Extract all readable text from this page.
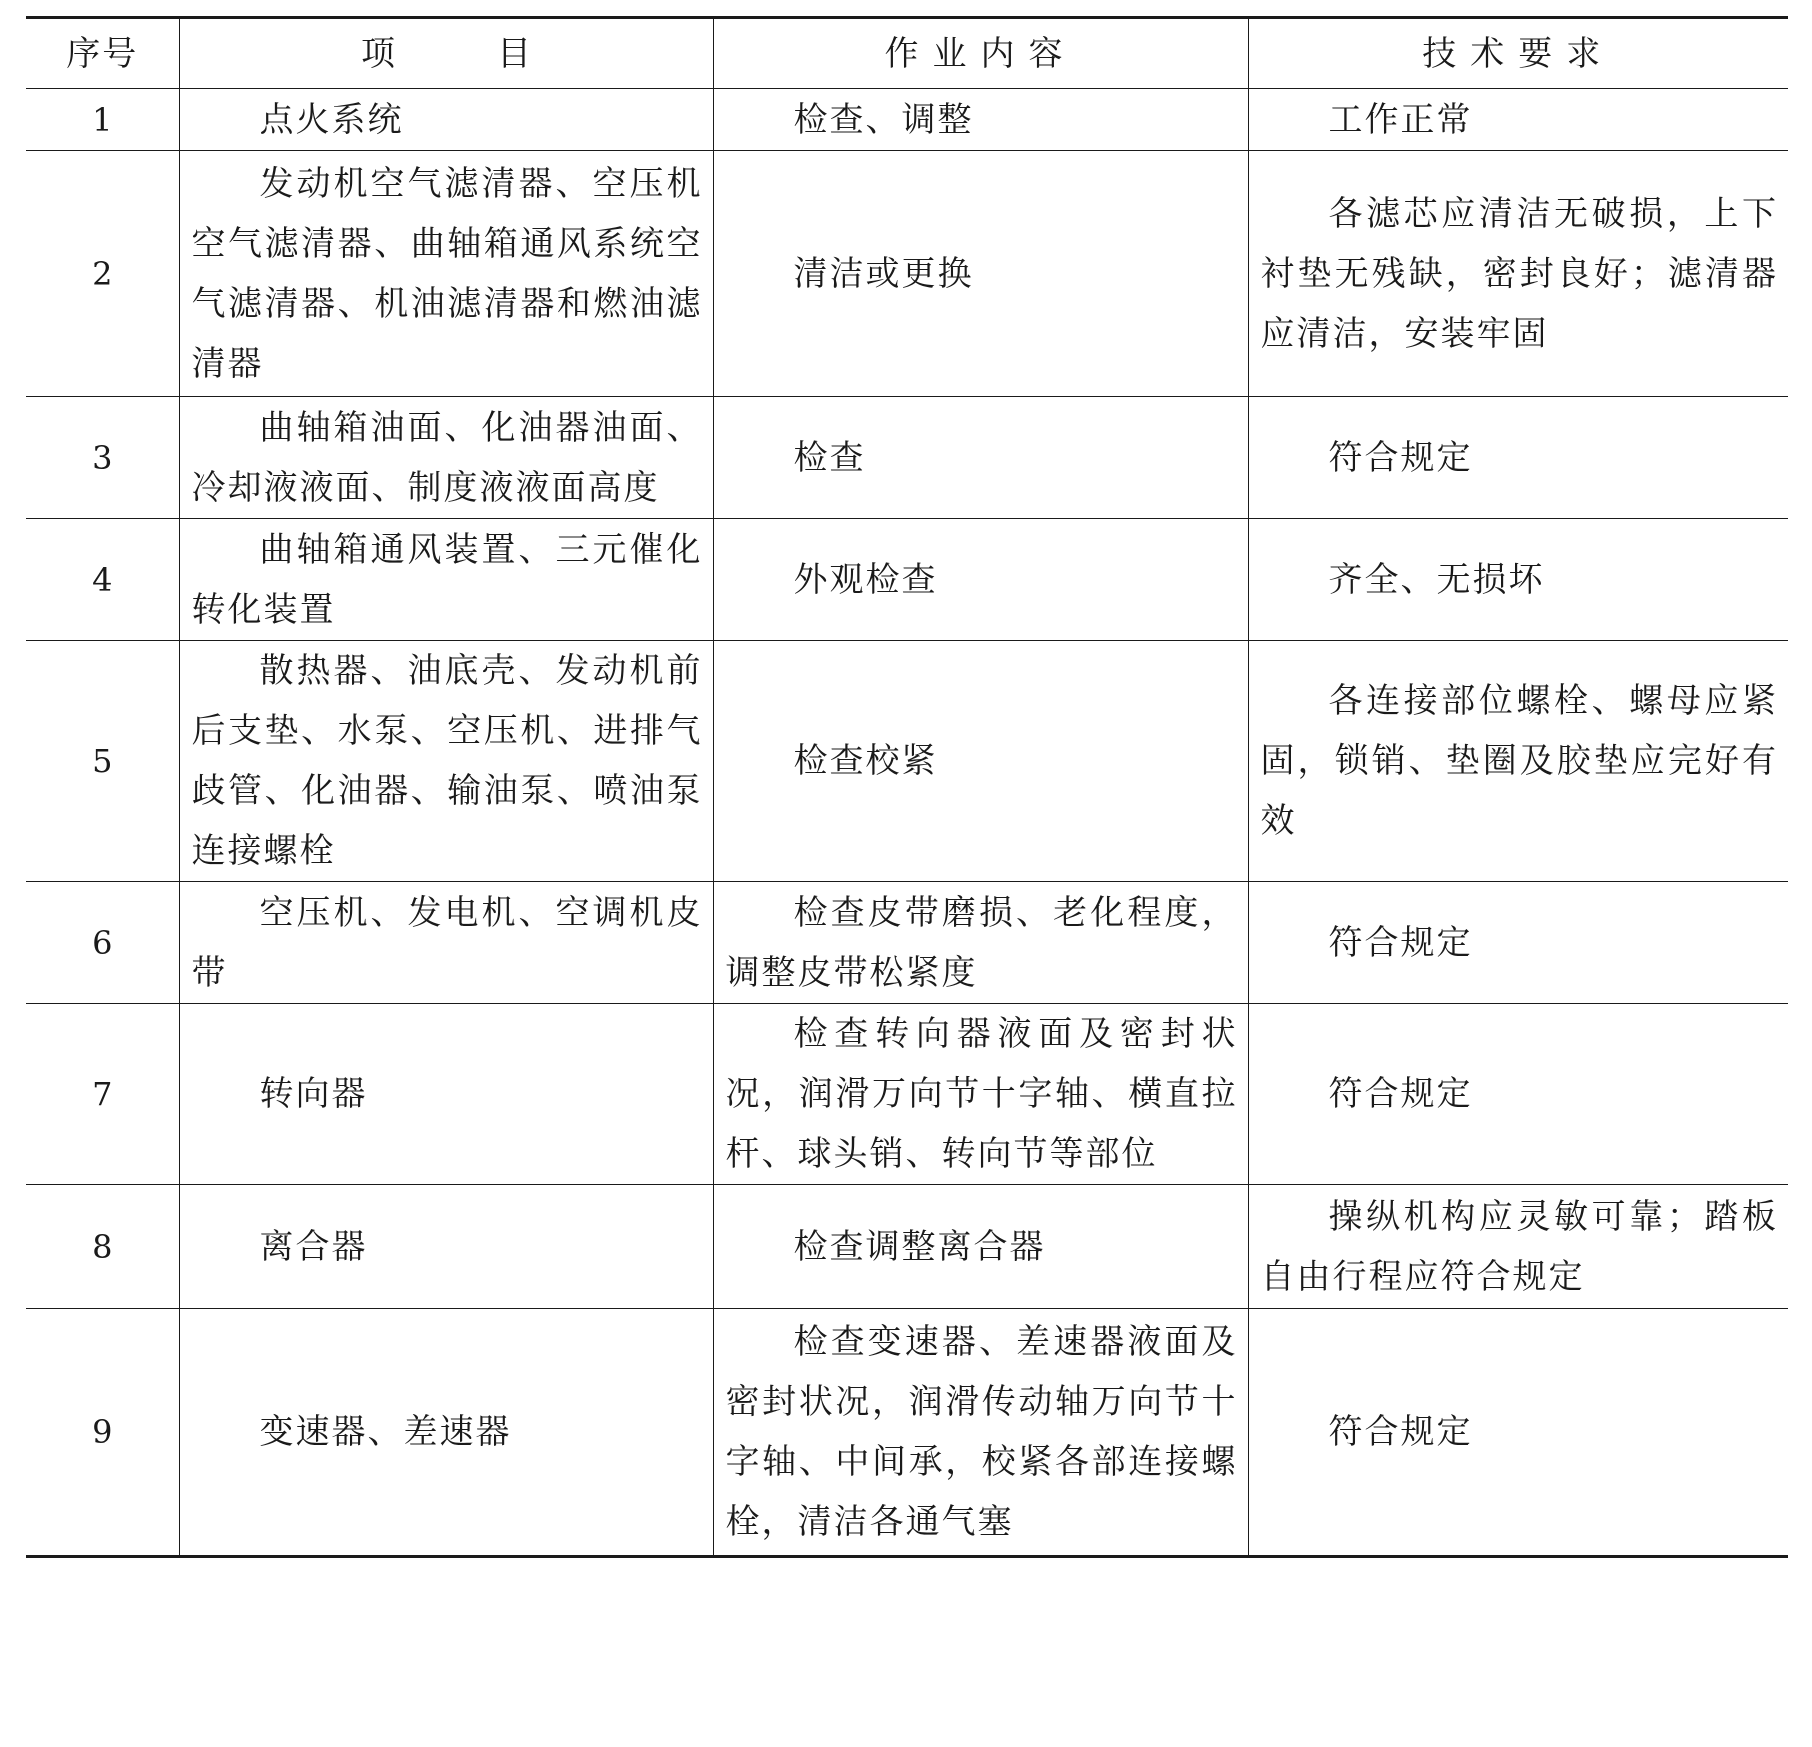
序号	项　　　目	作业内容	技术要求
1	点火系统	检查、调整	工作正常
2	发动机空气滤清器、空压机空气滤清器、曲轴箱通风系统空气滤清器、机油滤清器和燃油滤清器	清洁或更换	各滤芯应清洁无破损，上下衬垫无残缺，密封良好；滤清器应清洁，安装牢固
3	曲轴箱油面、化油器油面、冷却液液面、制度液液面高度	检查	符合规定
4	曲轴箱通风装置、三元催化转化装置	外观检查	齐全、无损坏
5	散热器、油底壳、发动机前后支垫、水泵、空压机、进排气歧管、化油器、输油泵、喷油泵连接螺栓	检查校紧	各连接部位螺栓、螺母应紧固，锁销、垫圈及胶垫应完好有效
6	空压机、发电机、空调机皮带	检查皮带磨损、老化程度，调整皮带松紧度	符合规定
7	转向器	检查转向器液面及密封状况，润滑万向节十字轴、横直拉杆、球头销、转向节等部位	符合规定
8	离合器	检查调整离合器	操纵机构应灵敏可靠；踏板自由行程应符合规定
9	变速器、差速器	检查变速器、差速器液面及密封状况，润滑传动轴万向节十字轴、中间承，校紧各部连接螺栓，清洁各通气塞	符合规定
